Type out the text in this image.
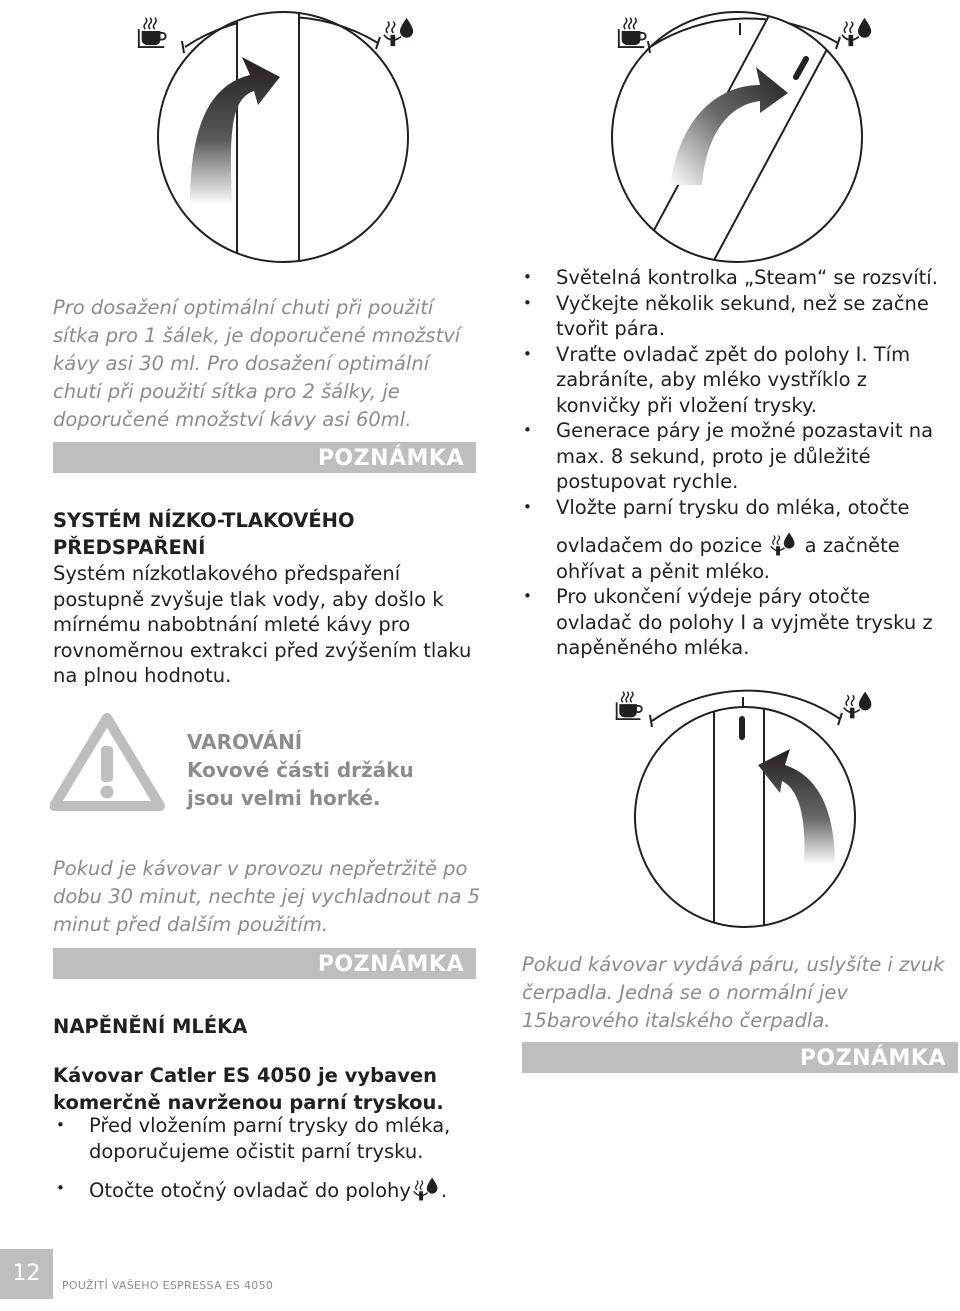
Pro dosažení optimální chuti při použití sítka pro 1 šálek, je doporučené množství kávy asi 30 ml. Pro dosažení optimální chuti při použití sítka pro 2 šálky, je doporučené množství kávy asi 60ml.
POZNÁMKA
SYSTÉM NÍZKO-TLAKOVÉHO PŘEDSPAŘENÍ
Systém nízkotlakového předspaření postupně zvyšuje tlak vody, aby došlo k mírnému nabobtnání mleté kávy pro rovnoměrnou extrakci před zvýšením tlaku na plnou hodnotu.
VAROVÁNÍ
Kovové části držáku jsou velmi horké.
Pokud je kávovar v provozu nepřetržitě po dobu 30 minut, nechte jej vychladnout na 5 minut před dalším použitím.
POZNÁMKA
NAPĚNĚNÍ MLÉKA
Kávovar Catler ES 4050 je vybaven komerčně navrženou parní tryskou.
• Před vložením parní trysky do mléka, doporučujeme očistit parní trysku.
• Otočte otočný ovladač do polohy .
• Světelná kontrolka „Steam“ se rozsvítí.
• Vyčkejte několik sekund, než se začne tvořit pára.
• Vraťte ovladač zpět do polohy I. Tím zabráníte, aby mléko vystříklo z konvičky při vložení trysky.
• Generace páry je možné pozastavit na max. 8 sekund, proto je důležité postupovat rychle.
• Vložte parní trysku do mléka, otočte
ovladačem do pozice a začněte ohřívat a pěnit mléko.
• Pro ukončení výdeje páry otočte ovladač do polohy I a vyjměte trysku z napěněného mléka.
Pokud kávovar vydává páru, uslyšíte i zvuk čerpadla. Jedná se o normální jev 15barového italského čerpadla.
POZNÁMKA
12	POUŽITÍ VAŠEHO ESPRESSA ES 4050
